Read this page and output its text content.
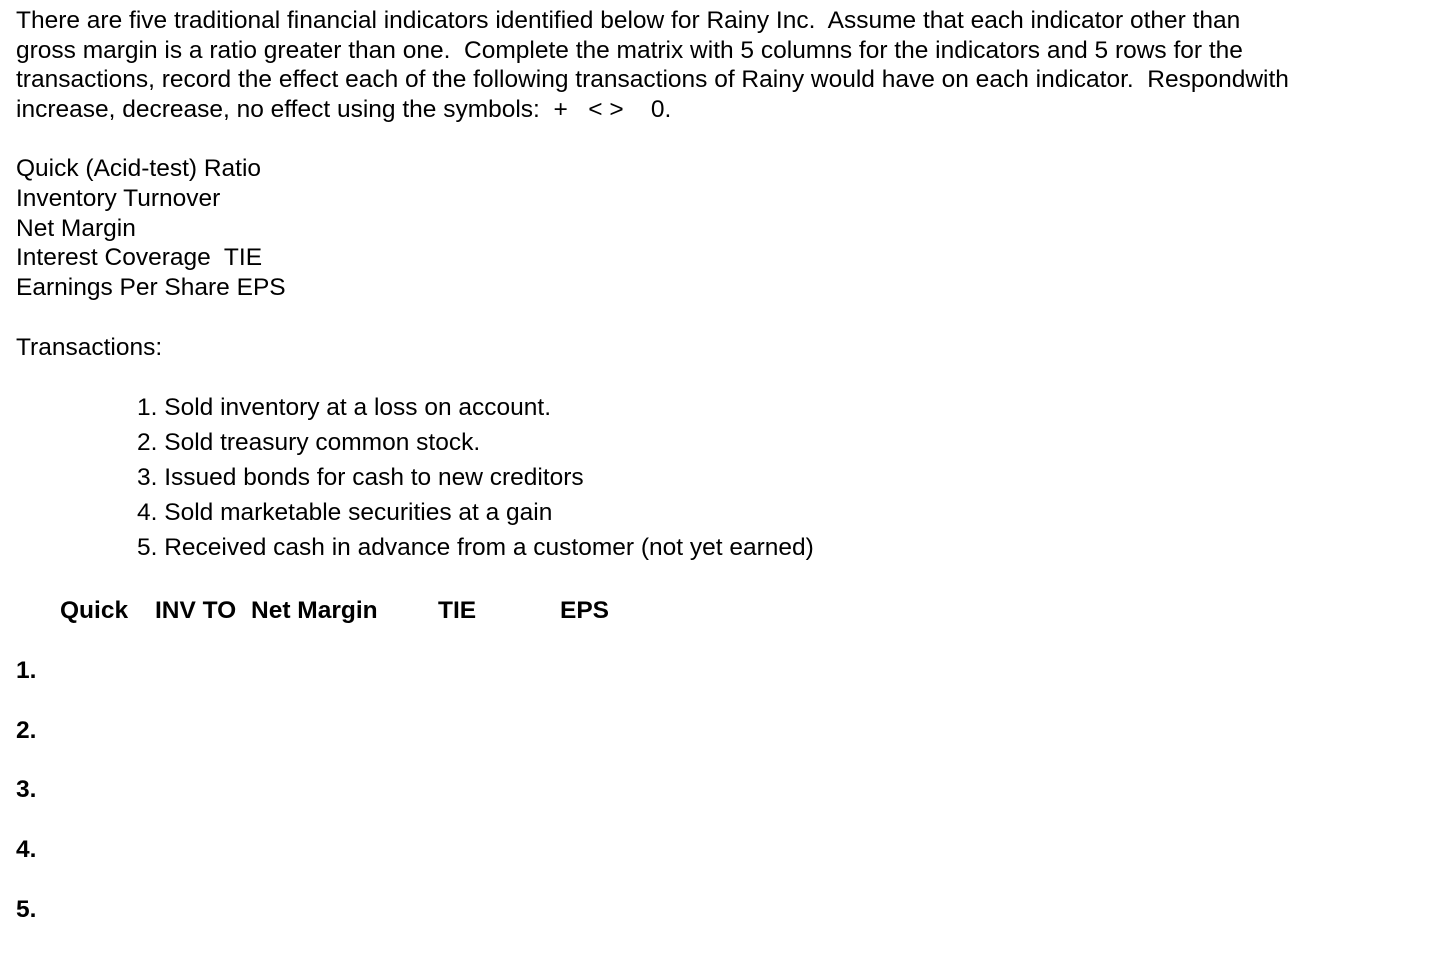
There are five traditional financial indicators identified below for Rainy Inc.  Assume that each indicator other than
gross margin is a ratio greater than one.  Complete the matrix with 5 columns for the indicators and 5 rows for the
transactions, record the effect each of the following transactions of Rainy would have on each indicator.  Respondwith
increase, decrease, no effect using the symbols:  +   < >    0.
Quick (Acid-test) Ratio
Inventory Turnover
Net Margin
Interest Coverage  TIE
Earnings Per Share EPS
Transactions:
1. Sold inventory at a loss on account.
2. Sold treasury common stock.
3. Issued bonds for cash to new creditors
4. Sold marketable securities at a gain
5. Received cash in advance from a customer (not yet earned)
Quick INV TO Net Margin TIE	EPS
1.
2.
3.
4.
5.
